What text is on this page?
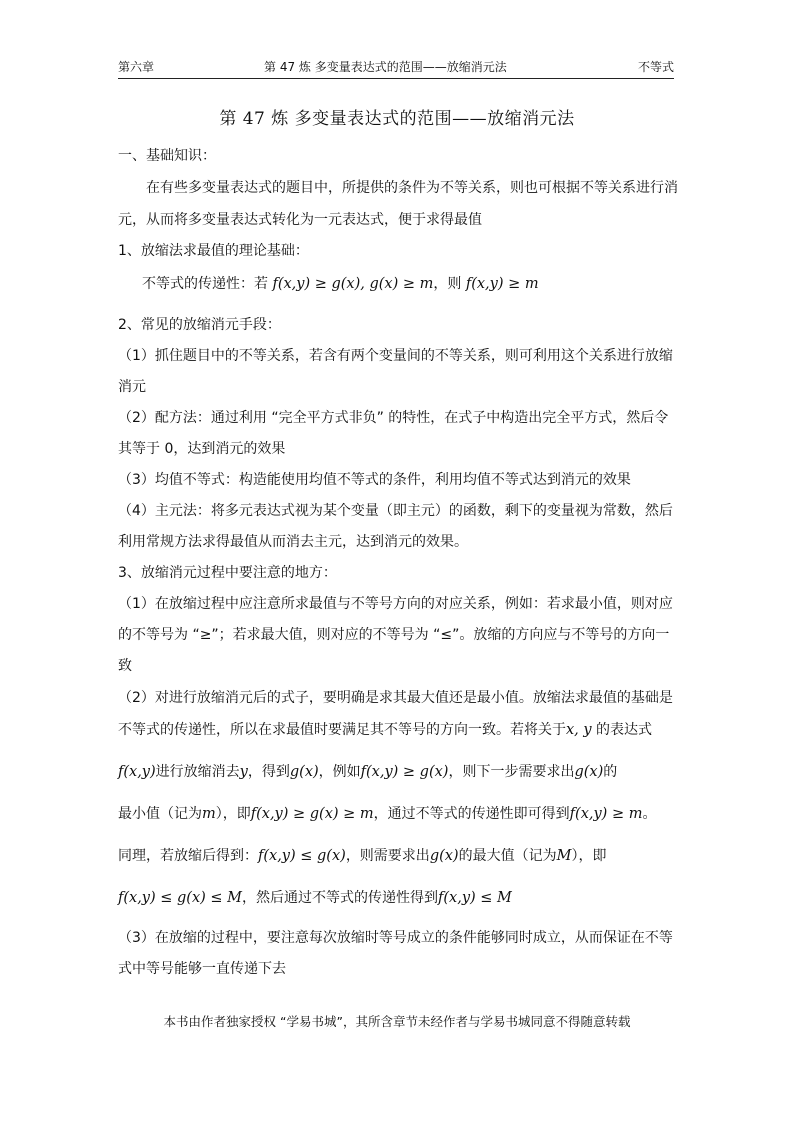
第六章	第 47 炼 多变量表达式的范围——放缩消元法	不等式
第 47 炼 多变量表达式的范围——放缩消元法
一、基础知识：
在有些多变量表达式的题目中，所提供的条件为不等关系，则也可根据不等关系进行消
元，从而将多变量表达式转化为一元表达式，便于求得最值
1、放缩法求最值的理论基础：
不等式的传递性：若 f(x,y) ≥ g(x), g(x) ≥ m，则 f(x,y) ≥ m
2、常见的放缩消元手段：
（1）抓住题目中的不等关系，若含有两个变量间的不等关系，则可利用这个关系进行放缩
消元
（2）配方法：通过利用 “完全平方式非负” 的特性，在式子中构造出完全平方式，然后令
其等于 0，达到消元的效果
（3）均值不等式：构造能使用均值不等式的条件，利用均值不等式达到消元的效果
（4）主元法：将多元表达式视为某个变量（即主元）的函数，剩下的变量视为常数，然后
利用常规方法求得最值从而消去主元，达到消元的效果。
3、放缩消元过程中要注意的地方：
（1）在放缩过程中应注意所求最值与不等号方向的对应关系，例如：若求最小值，则对应
的不等号为 “≥”；若求最大值，则对应的不等号为 “≤”。放缩的方向应与不等号的方向一
致
（2）对进行放缩消元后的式子，要明确是求其最大值还是最小值。放缩法求最值的基础是
不等式的传递性，所以在求最值时要满足其不等号的方向一致。若将关于x, y 的表达式
f(x,y)进行放缩消去y，得到g(x)，例如f(x,y) ≥ g(x)，则下一步需要求出g(x)的
最小值（记为m），即f(x,y) ≥ g(x) ≥ m，通过不等式的传递性即可得到f(x,y) ≥ m。
同理，若放缩后得到：f(x,y) ≤ g(x)，则需要求出g(x)的最大值（记为M），即
f(x,y) ≤ g(x) ≤ M，然后通过不等式的传递性得到f(x,y) ≤ M
（3）在放缩的过程中，要注意每次放缩时等号成立的条件能够同时成立，从而保证在不等
式中等号能够一直传递下去
本书由作者独家授权 “学易书城”，其所含章节未经作者与学易书城同意不得随意转载
